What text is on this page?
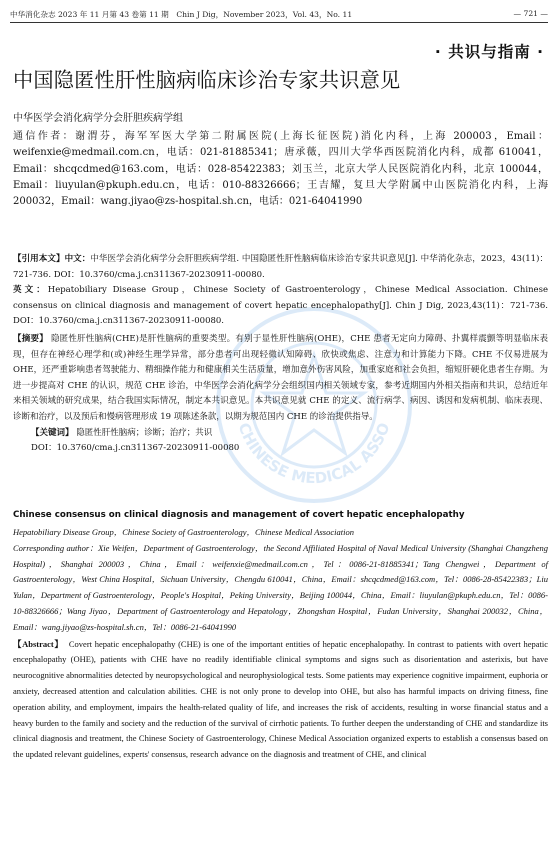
中华消化杂志 2023 年 11 月第 43 卷第 11 期　Chin J Dig，November 2023，Vol. 43，No. 11	— 721 —
· 共识与指南 ·
中国隐匿性肝性脑病临床诊治专家共识意见
中华医学会消化病学分会肝胆疾病学组
通信作者：谢渭芬，海军军医大学第二附属医院(上海长征医院)消化内科，上海 200003，Email：weifenxie@medmail.com.cn，电话：021-81885341；唐承薇，四川大学华西医院消化内科，成都 610041，Email：shcqcdmed@163.com，电话：028-85422383；刘玉兰，北京大学人民医院消化内科，北京 100044，Email：liuyulan@pkuph.edu.cn，电话：010-88326666；王吉耀，复旦大学附属中山医院消化内科，上海 200032，Email：wang.jiyao@zs-hospital.sh.cn，电话：021-64041990
CHINESE MEDICAL ASSO

【引用本文】中文：中华医学会消化病学分会肝胆疾病学组. 中国隐匿性肝性脑病临床诊治专家共识意见[J]. 中华消化杂志，2023，43(11)：721-736. DOI：10.3760/cma.j.cn311367-20230911-00080.

英文：Hepatobiliary Disease Group，Chinese Society of Gastroenterology，Chinese Medical Association. Chinese consensus on clinical diagnosis and management of covert hepatic encephalopathy[J]. Chin J Dig, 2023,43(11)：721-736. DOI：10.3760/cma.j.cn311367-20230911-00080.

【摘要】 隐匿性肝性脑病(CHE)是肝性脑病的重要类型。有别于显性肝性脑病(OHE)，CHE 患者无定向力障碍、扑翼样震颤等明显临床表现，但存在神经心理学和(或)神经生理学异常，部分患者可出现轻微认知障碍、欣快或焦虑、注意力和计算能力下降。CHE 不仅易进展为 OHE，还严重影响患者驾驶能力、精细操作能力和健康相关生活质量，增加意外伤害风险，加重家庭和社会负担，缩短肝硬化患者生存期。为进一步提高对 CHE 的认识，规范 CHE 诊治，中华医学会消化病学分会组织国内相关领域专家，参考近期国内外相关指南和共识，总结近年来相关领域的研究成果，结合我国实际情况，制定本共识意见。本共识意见就 CHE 的定义、流行病学、病因、诱因和发病机制、临床表现、诊断和治疗，以及预后和慢病管理形成 19 项陈述条款，以期为规范国内 CHE 的诊治提供指导。

【关键词】 隐匿性肝性脑病；诊断；治疗；共识

DOI：10.3760/cma.j.cn311367-20230911-00080

Chinese consensus on clinical diagnosis and management of covert hepatic encephalopathy

Hepatobiliary Disease Group，Chinese Society of Gastroenterology，Chinese Medical Association

Corresponding author：Xie Weifen，Department of Gastroenterology，the Second Affiliated Hospital of Naval Medical University (Shanghai Changzheng Hospital)，Shanghai 200003，China，Email：weifenxie@medmail.com.cn，Tel：0086-21-81885341；Tang Chengwei，Department of Gastroenterology，West China Hospital，Sichuan University，Chengdu 610041，China，Email：shcqcdmed@163.com，Tel：0086-28-85422383；Liu Yulan，Department of Gastroenterology，People's Hospital，Peking University，Beijing 100044，China，Email：liuyulan@pkuph.edu.cn，Tel：0086-10-88326666；Wang Jiyao，Department of Gastroenterology and Hepatology，Zhongshan Hospital，Fudan University，Shanghai 200032，China，Email：wang.jiyao@zs-hospital.sh.cn，Tel：0086-21-64041990

【Abstract】 Covert hepatic encephalopathy (CHE) is one of the important entities of hepatic encephalopathy. In contrast to patients with overt hepatic encephalopathy (OHE), patients with CHE have no readily identifiable clinical symptoms and signs such as disorientation and asterixis, but have neurocognitive abnormalities detected by neuropsychological and neurophysiological tests. Some patients may experience cognitive impairment, euphoria or anxiety, decreased attention and calculation abilities. CHE is not only prone to develop into OHE, but also has harmful impacts on driving fitness, fine operation ability, and employment, impairs the health-related quality of life, and increases the risk of accidents, resulting in worse financial status and a heavy burden to the family and society and the reduction of the survival of cirrhotic patients. To further deepen the understanding of CHE and standardize its clinical diagnosis and treatment, the Chinese Society of Gastroenterology, Chinese Medical Association organized experts to establish a consensus based on the updated relevant guidelines, experts' consensus, research advance on the diagnosis and treatment of CHE, and clinical
